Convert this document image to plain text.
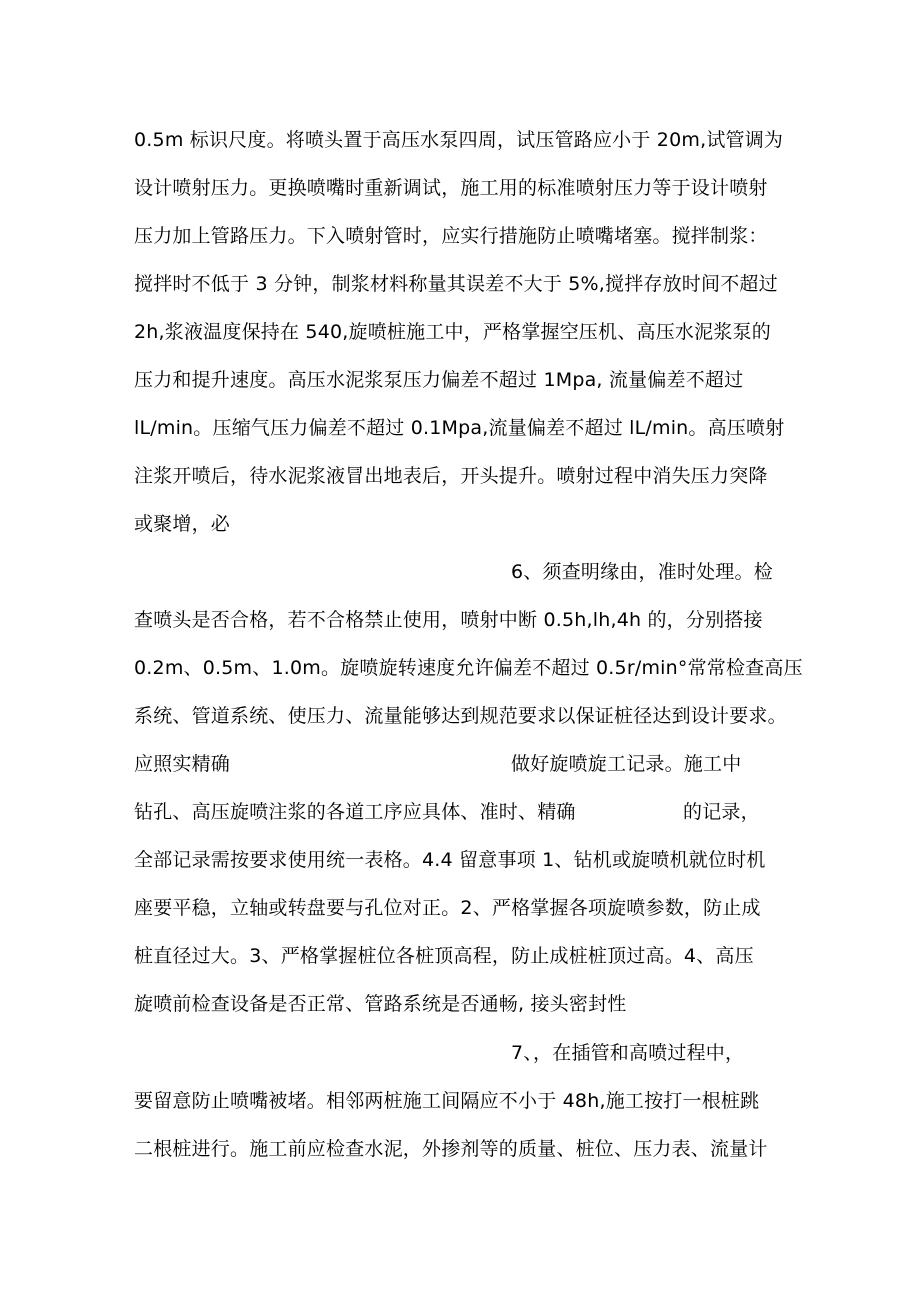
0.5m 标识尺度。将喷头置于高压水泵四周，试压管路应小于 20m,试管调为
设计喷射压力。更换喷嘴时重新调试，施工用的标准喷射压力等于设计喷射
压力加上管路压力。下入喷射管时，应实行措施防止喷嘴堵塞。搅拌制浆：
搅拌时不低于 3 分钟，制浆材料称量其误差不大于 5%,搅拌存放时间不超过
2h,浆液温度保持在 540,旋喷桩施工中，严格掌握空压机、高压水泥浆泵的
压力和提升速度。高压水泥浆泵压力偏差不超过 1Mpa, 流量偏差不超过
lL/min。压缩气压力偏差不超过 0.1Mpa,流量偏差不超过 lL/min。高压喷射
注浆开喷后，待水泥浆液冒出地表后，开头提升。喷射过程中消失压力突降
或聚增，必
6、须查明缘由，准时处理。检
查喷头是否合格，若不合格禁止使用，喷射中断 0.5h,lh,4h 的，分别搭接
0.2m、0.5m、1.0m。旋喷旋转速度允许偏差不超过 0.5r/min°常常检查高压
系统、管道系统、使压力、流量能够达到规范要求以保证桩径达到设计要求。
应照实精确	做好旋喷旋工记录。施工中
钻孔、高压旋喷注浆的各道工序应具体、准时、精确	的记录，
全部记录需按要求使用统一表格。4.4 留意事项 1、钻机或旋喷机就位时机
座要平稳，立轴或转盘要与孔位对正。2、严格掌握各项旋喷参数，防止成
桩直径过大。3、严格掌握桩位各桩顶高程，防止成桩桩顶过高。4、高压
旋喷前检查设备是否正常、管路系统是否通畅, 接头密封性
7、，在插管和高喷过程中，
要留意防止喷嘴被堵。相邻两桩施工间隔应不小于 48h,施工按打一根桩跳
二根桩进行。施工前应检查水泥，外掺剂等的质量、桩位、压力表、流量计
